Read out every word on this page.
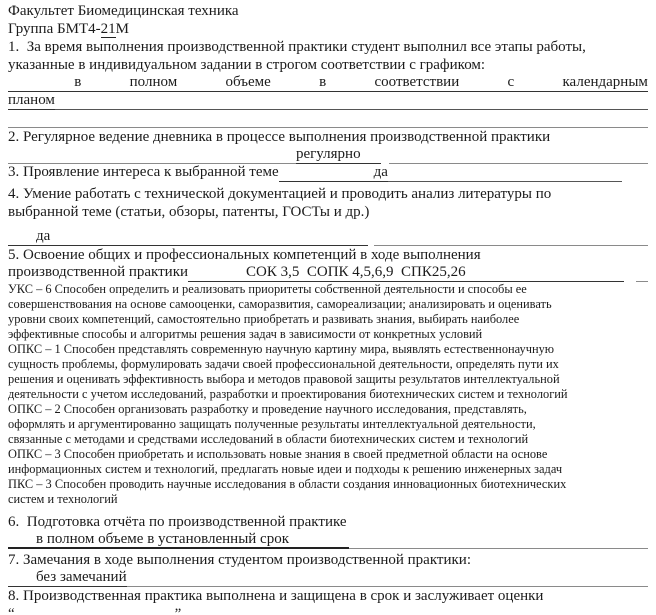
Факультет Биомедицинская техника
Группа БМТ4-21М
1.  За время выполнения производственной практики студент выполнил все этапы работы,
указанные в индивидуальном задании в строгом соответствии с графиком:
в	полном	объеме	в	соответствии	с	календарным
планом
2. Регулярное ведение дневника в процессе выполнения производственной практики
регулярно
3. Проявление интереса к выбранной теме	да
4. Умение работать с технической документацией и проводить анализ литературы по
выбранной теме (статьи, обзоры, патенты, ГОСТы и др.)
да
5. Освоение общих и профессиональных компетенций в ходе выполнения
производственной практики	СОК 3,5  СОПК 4,5,6,9  СПК25,26
УКС – 6 Способен определить и реализовать приоритеты собственной деятельности и способы ее
совершенствования на основе самооценки, саморазвития, самореализации; анализировать и оценивать
уровни своих компетенций, самостоятельно приобретать и развивать знания, выбирать наиболее
эффективные способы и алгоритмы решения задач в зависимости от конкретных условий
ОПКС – 1 Способен представлять современную научную картину мира, выявлять естественнонаучную
сущность проблемы, формулировать задачи своей профессиональной деятельности, определять пути их
решения и оценивать эффективность выбора и методов правовой защиты результатов интеллектуальной
деятельности с учетом исследований, разработки и проектирования биотехнических систем и технологий
ОПКС – 2 Способен организовать разработку и проведение научного исследования, представлять,
оформлять и аргументированно защищать полученные результаты интеллектуальной деятельности,
связанные с методами и средствами исследований в области биотехнических систем и технологий
ОПКС – 3 Способен приобретать и использовать новые знания в своей предметной области на основе
информационных систем и технологий, предлагать новые идеи и подходы к решению инженерных задач
ПКС – 3 Способен проводить научные исследования в области создания инновационных биотехнических
систем и технологий
6.  Подготовка отчёта по производственной практике
в полном объеме в установленный срок
7. Замечания в ходе выполнения студентом производственной практики:
без замечаний
8. Производственная практика выполнена и защищена в срок и заслуживает оценки
“	”
